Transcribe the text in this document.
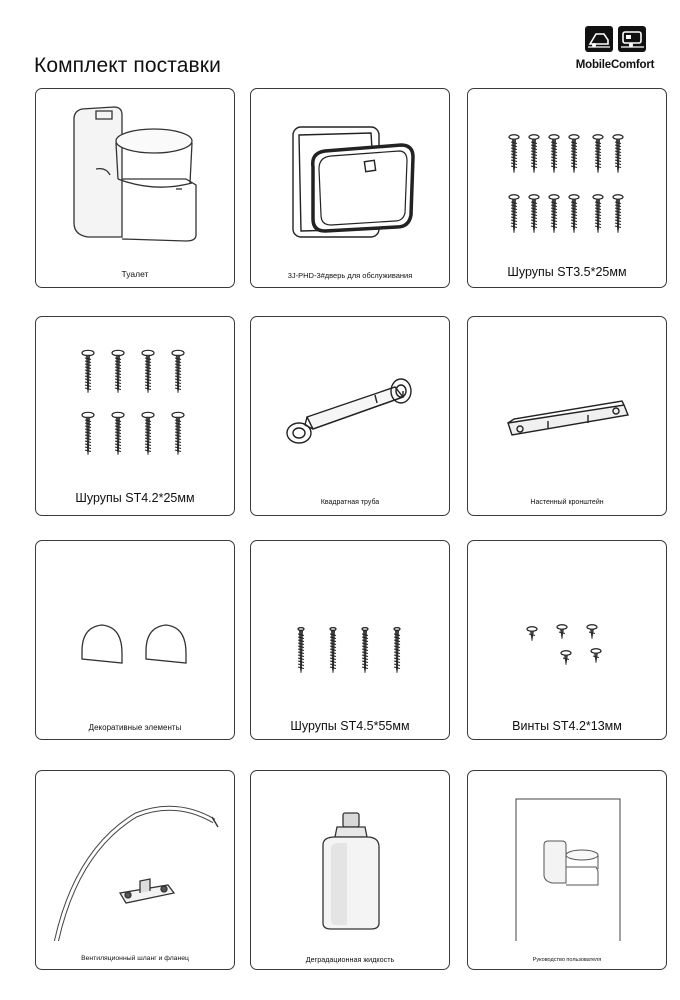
Комплект поставки	MobileComfort
Туалет	3J-PHD-3#дверь для обслуживания	Шурупы ST3.5*25мм
Шурупы ST4.2*25мм	Квадратная труба	Настенный кронштейн
Декоративные элементы	Шурупы ST4.5*55мм	Винты ST4.2*13мм
Вентиляционный шланг и фланец	Деградационная жидкость	Руководство пользователя
